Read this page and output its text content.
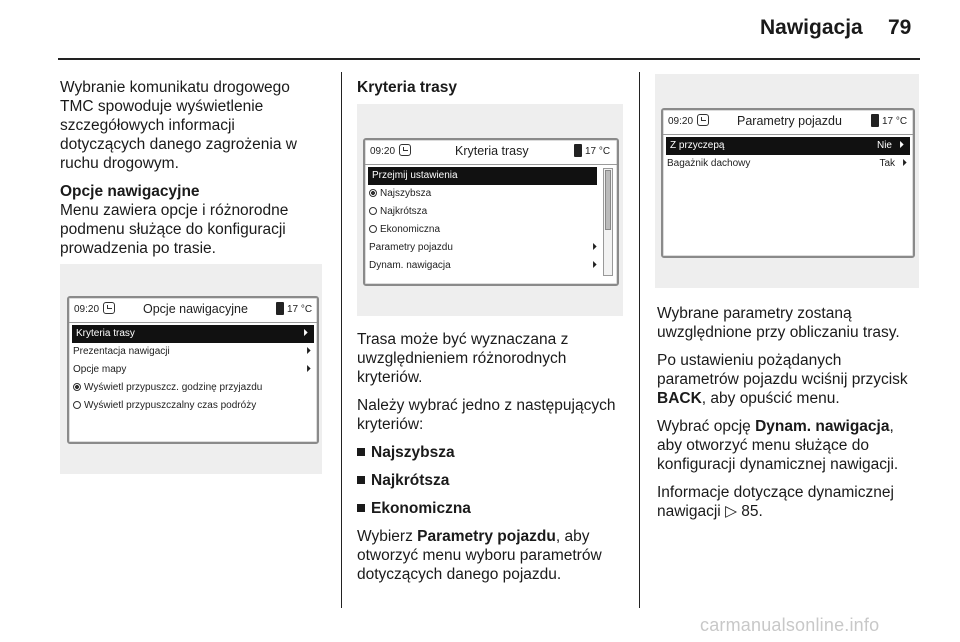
Nawigacja 79

Wybranie komunikatu drogowego TMC spowoduje wyświetlenie szczegółowych informacji dotyczących danego zagrożenia w ruchu drogowym.

Opcje nawigacyjne

Menu zawiera opcje i różnorodne podmenu służące do konfiguracji prowadzenia po trasie.

09:20	Opcje nawigacyjne	17 °C
Kryteria trasy	⏵
Prezentacja nawigacji	⏵
Opcje mapy	⏵
Wyświetl przypuszcz. godzinę przyjazdu
Wyświetl przypuszczalny czas podróży
Kryteria trasy
09:20	Kryteria trasy	17 °C
Przejmij ustawienia
Najszybsza
Najkrótsza
Ekonomiczna
Parametry pojazdu	⏵
Dynam. nawigacja	⏵

Trasa może być wyznaczana z uwzględnieniem różnorodnych kryteriów.

Należy wybrać jedno z następujących kryteriów:

Najszybsza
Najkrótsza
Ekonomiczna

Wybierz Parametry pojazdu, aby otworzyć menu wyboru parametrów dotyczących danego pojazdu.

09:20	Parametry pojazdu	17 °C
Z przyczepą	Nie ⏵
Bagażnik dachowy	Tak ⏵

Wybrane parametry zostaną uwzględnione przy obliczaniu trasy.

Po ustawieniu pożądanych parametrów pojazdu wciśnij przycisk BACK, aby opuścić menu.

Wybrać opcję Dynam. nawigacja, aby otworzyć menu służące do konfiguracji dynamicznej nawigacji.

Informacje dotyczące dynamicznej nawigacji ▷ 85.

carmanualsonline.info
